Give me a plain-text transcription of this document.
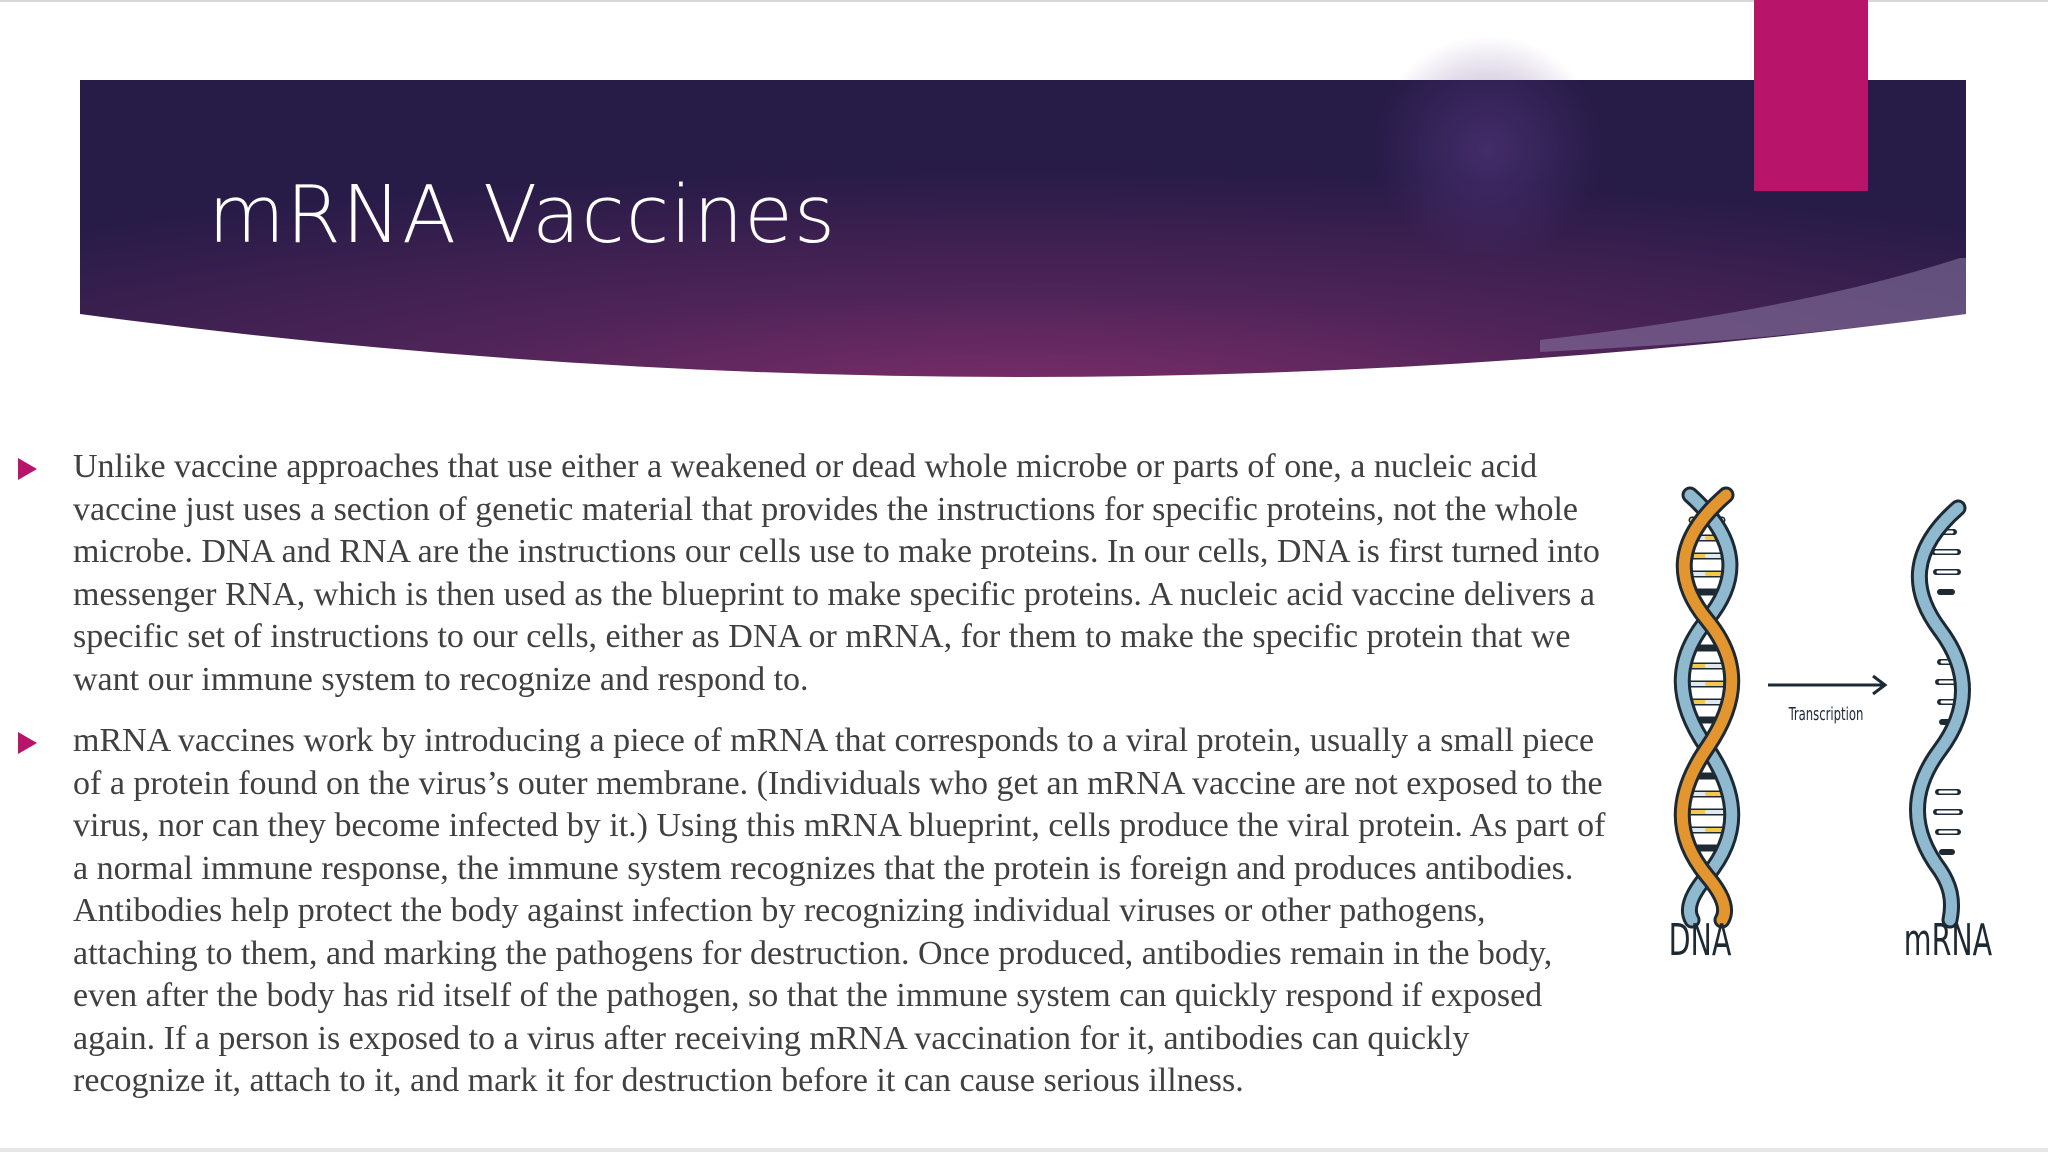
mRNA Vaccines

Unlike vaccine approaches that use either a weakened or dead whole microbe or parts of one, a nucleic acid vaccine just uses a section of genetic material that provides the instructions for specific proteins, not the whole microbe. DNA and RNA are the instructions our cells use to make proteins. In our cells, DNA is first turned into messenger RNA, which is then used as the blueprint to make specific proteins. A nucleic acid vaccine delivers a specific set of instructions to our cells, either as DNA or mRNA, for them to make the specific protein that we want our immune system to recognize and respond to.

mRNA vaccines work by introducing a piece of mRNA that corresponds to a viral protein, usually a small piece of a protein found on the virus’s outer membrane. (Individuals who get an mRNA vaccine are not exposed to the virus, nor can they become infected by it.) Using this mRNA blueprint, cells produce the viral protein. As part of a normal immune response, the immune system recognizes that the protein is foreign and produces antibodies. Antibodies help protect the body against infection by recognizing individual viruses or other pathogens, attaching to them, and marking the pathogens for destruction. Once produced, antibodies remain in the body, even after the body has rid itself of the pathogen, so that the immune system can quickly respond if exposed again. If a person is exposed to a virus after receiving mRNA vaccination for it, antibodies can quickly recognize it, attach to it, and mark it for destruction before it can cause serious illness.

DNA
Transcription
mRNA
